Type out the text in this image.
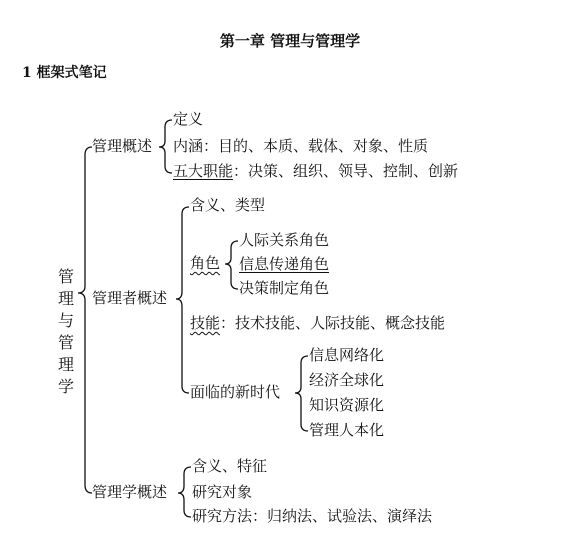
第一章 管理与管理学
1 框架式笔记
管
理
与
管
理
学
管理概述
定义
内涵：目的、本质、载体、对象、性质
五大职能：决策、组织、领导、控制、创新
管理者概述
含义、类型
角色
人际关系角色
信息传递角色
决策制定角色
技能：技术技能、人际技能、概念技能
面临的新时代
信息网络化
经济全球化
知识资源化
管理人本化
管理学概述
含义、特征
研究对象
研究方法：归纳法、试验法、演绎法
